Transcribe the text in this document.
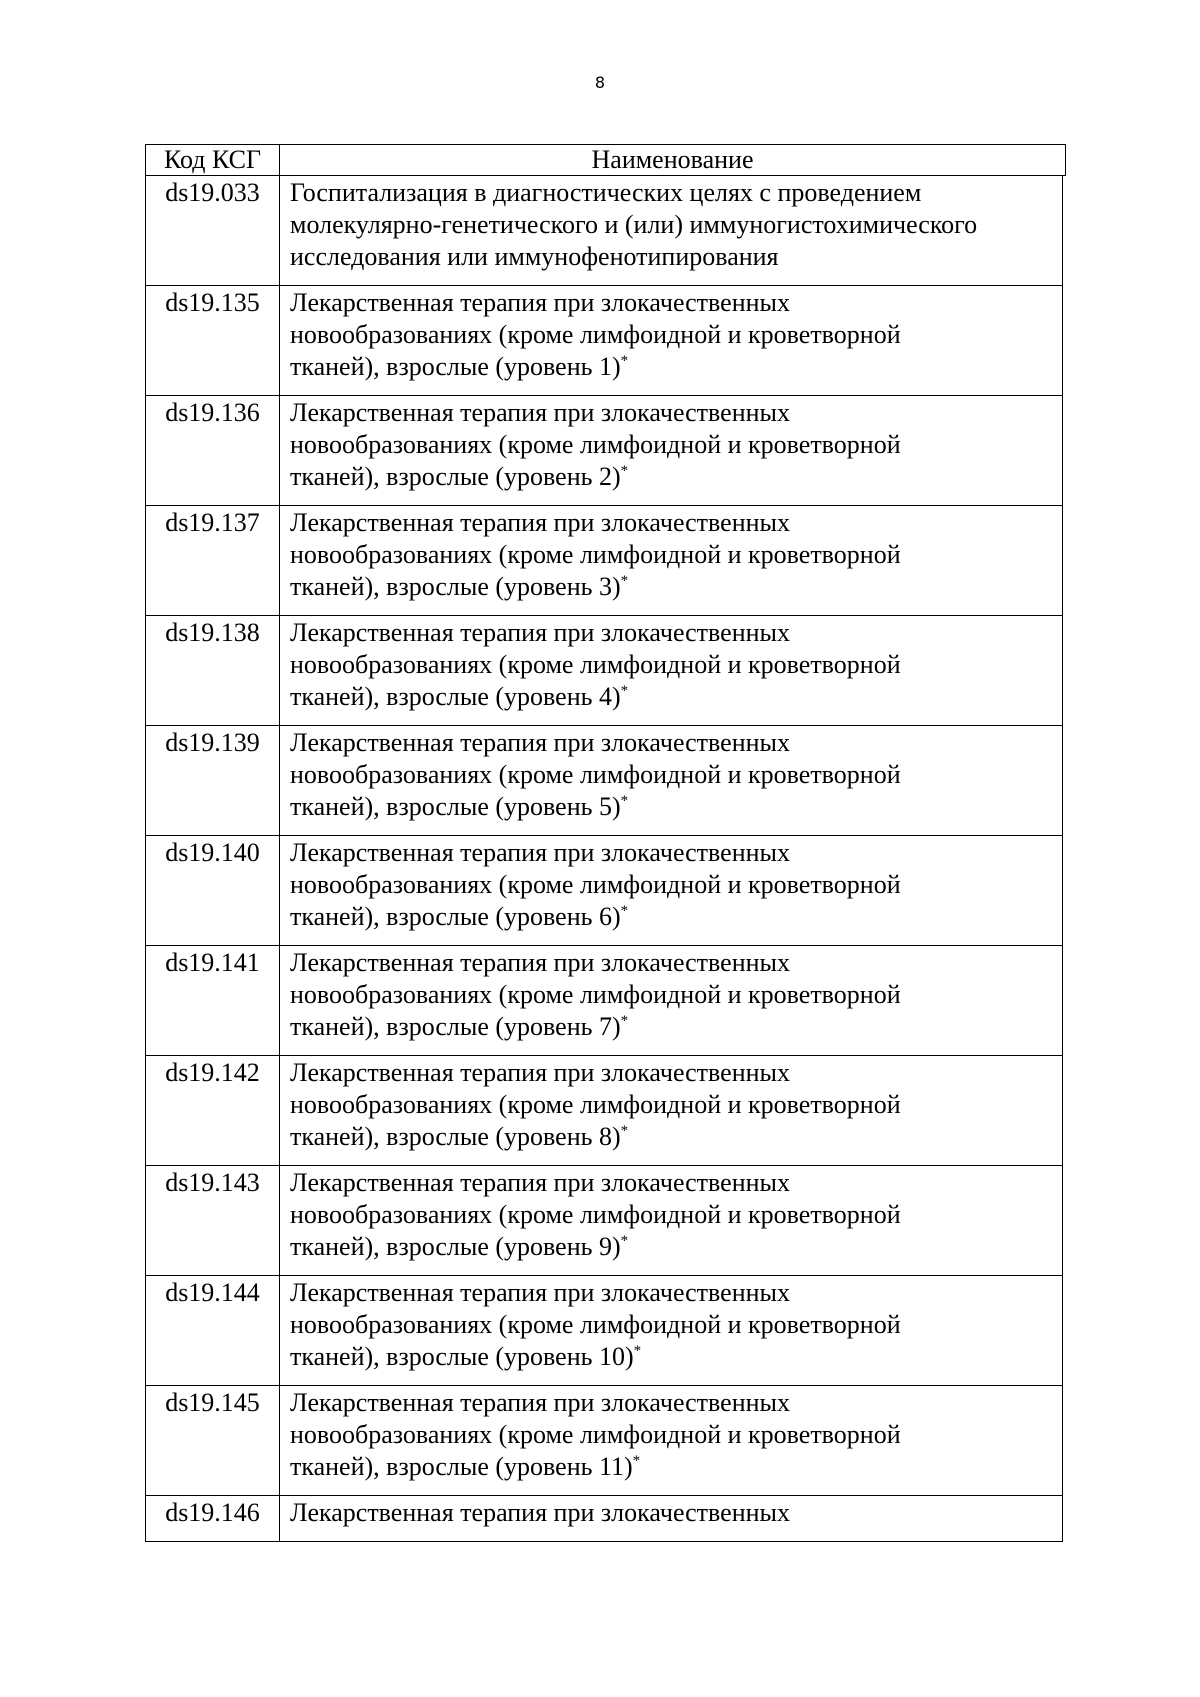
8
Код КСГ	Наименование
ds19.033	Госпитализация в диагностических целях с проведением
молекулярно-генетического и (или) иммуногистохимического
исследования или иммунофенотипирования

ds19.135	Лекарственная терапия при злокачественных
новообразованиях (кроме лимфоидной и кроветворной
тканей), взрослые (уровень 1)*

ds19.136	Лекарственная терапия при злокачественных
новообразованиях (кроме лимфоидной и кроветворной
тканей), взрослые (уровень 2)*

ds19.137	Лекарственная терапия при злокачественных
новообразованиях (кроме лимфоидной и кроветворной
тканей), взрослые (уровень 3)*

ds19.138	Лекарственная терапия при злокачественных
новообразованиях (кроме лимфоидной и кроветворной
тканей), взрослые (уровень 4)*

ds19.139	Лекарственная терапия при злокачественных
новообразованиях (кроме лимфоидной и кроветворной
тканей), взрослые (уровень 5)*

ds19.140	Лекарственная терапия при злокачественных
новообразованиях (кроме лимфоидной и кроветворной
тканей), взрослые (уровень 6)*

ds19.141	Лекарственная терапия при злокачественных
новообразованиях (кроме лимфоидной и кроветворной
тканей), взрослые (уровень 7)*

ds19.142	Лекарственная терапия при злокачественных
новообразованиях (кроме лимфоидной и кроветворной
тканей), взрослые (уровень 8)*

ds19.143	Лекарственная терапия при злокачественных
новообразованиях (кроме лимфоидной и кроветворной
тканей), взрослые (уровень 9)*

ds19.144	Лекарственная терапия при злокачественных
новообразованиях (кроме лимфоидной и кроветворной
тканей), взрослые (уровень 10)*

ds19.145	Лекарственная терапия при злокачественных
новообразованиях (кроме лимфоидной и кроветворной
тканей), взрослые (уровень 11)*

ds19.146	Лекарственная терапия при злокачественных
